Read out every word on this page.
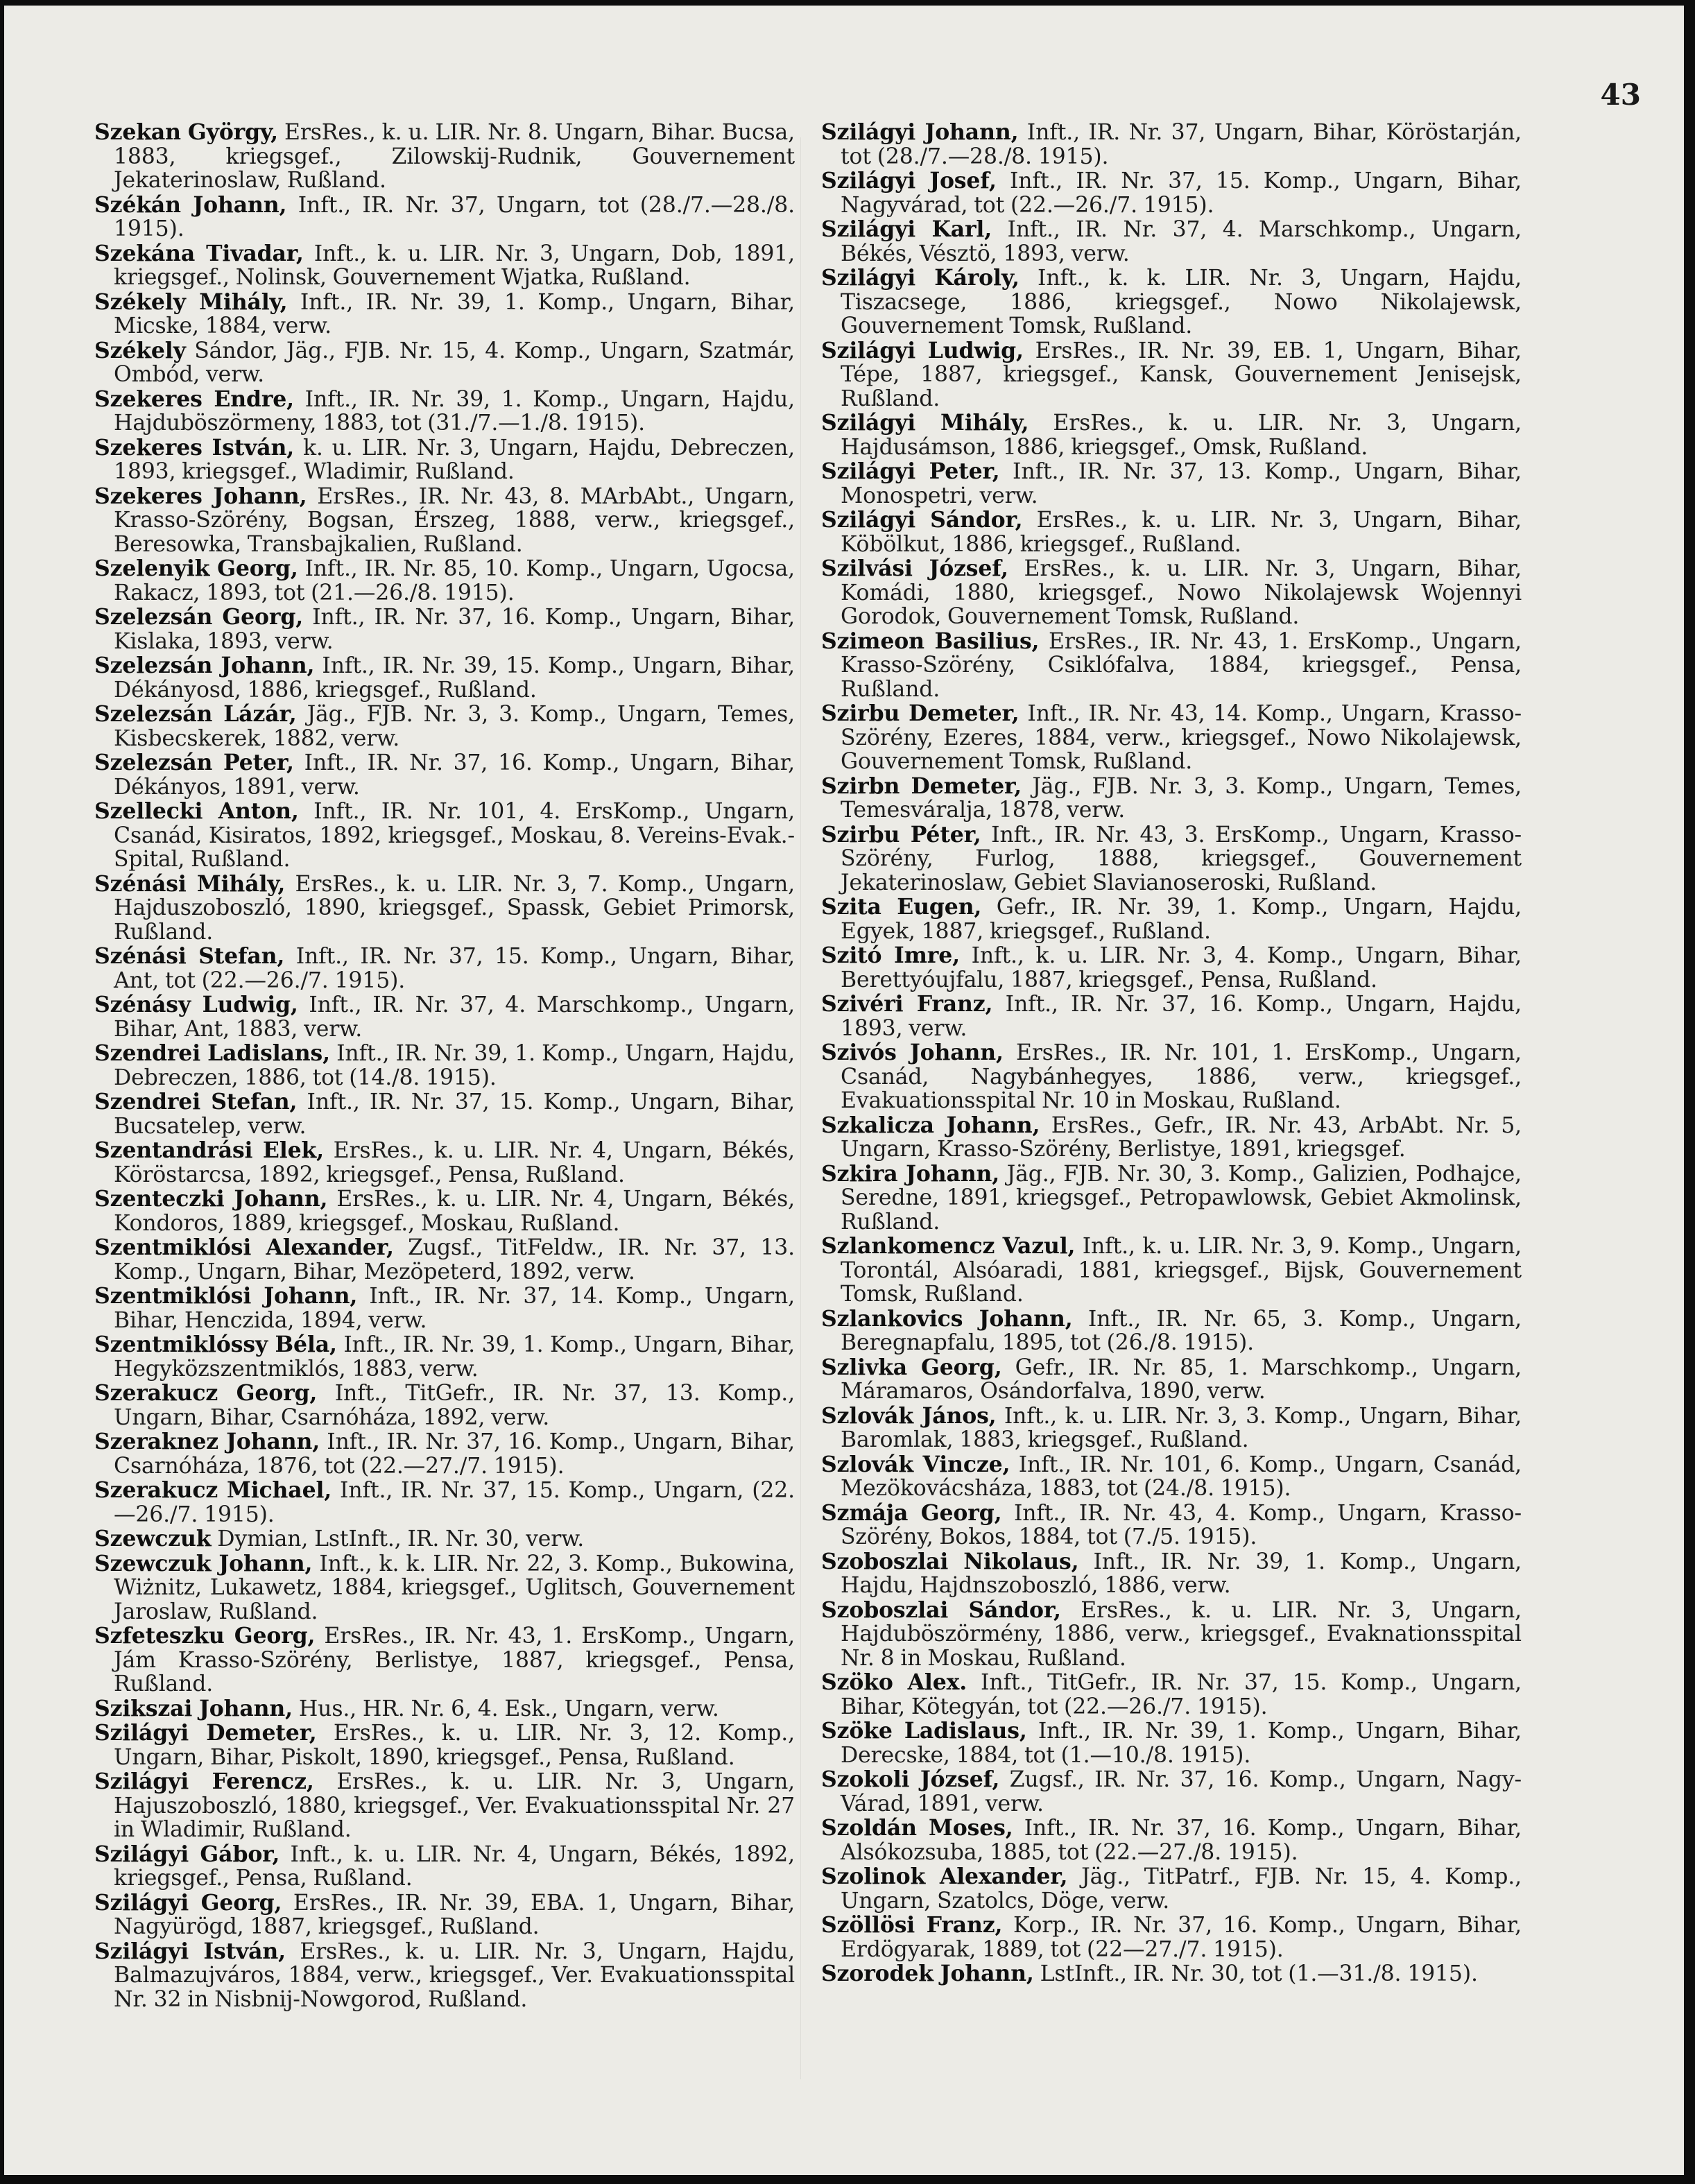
43

Szekan György, ErsRes., k. u. LIR. Nr. 8. Ungarn, Bihar. Bucsa, 1883, kriegsgef., Zilowskij-Rudnik, Gouvernement Jekaterinoslaw, Rußland.

Székán Johann, Inft., IR. Nr. 37, Ungarn, tot (28./7.—28./8. 1915).

Szekána Tivadar, Inft., k. u. LIR. Nr. 3, Ungarn, Dob, 1891, kriegsgef., Nolinsk, Gouvernement Wjatka, Rußland.

Székely Mihály, Inft., IR. Nr. 39, 1. Komp., Ungarn, Bihar, Micske, 1884, verw.

Székely Sándor, Jäg., FJB. Nr. 15, 4. Komp., Ungarn, Szatmár, Ombód, verw.

Szekeres Endre, Inft., IR. Nr. 39, 1. Komp., Ungarn, Hajdu, Hajduböszörmeny, 1883, tot (31./7.—1./8. 1915).

Szekeres István, k. u. LIR. Nr. 3, Ungarn, Hajdu, Debreczen, 1893, kriegsgef., Wladimir, Rußland.

Szekeres Johann, ErsRes., IR. Nr. 43, 8. MArbAbt., Ungarn, Krasso-Szörény, Bogsan, Érszeg, 1888, verw., kriegsgef., Beresowka, Transbajkalien, Rußland.

Szelenyik Georg, Inft., IR. Nr. 85, 10. Komp., Ungarn, Ugocsa, Rakacz, 1893, tot (21.—26./8. 1915).

Szelezsán Georg, Inft., IR. Nr. 37, 16. Komp., Ungarn, Bihar, Kislaka, 1893, verw.

Szelezsán Johann, Inft., IR. Nr. 39, 15. Komp., Ungarn, Bihar, Dékányosd, 1886, kriegsgef., Rußland.

Szelezsán Lázár, Jäg., FJB. Nr. 3, 3. Komp., Ungarn, Temes, Kisbecskerek, 1882, verw.

Szelezsán Peter, Inft., IR. Nr. 37, 16. Komp., Ungarn, Bihar, Dékányos, 1891, verw.

Szellecki Anton, Inft., IR. Nr. 101, 4. ErsKomp., Ungarn, Csanád, Kisiratos, 1892, kriegsgef., Moskau, 8. Vereins-Evak.-Spital, Rußland.

Szénási Mihály, ErsRes., k. u. LIR. Nr. 3, 7. Komp., Ungarn, Hajduszoboszló, 1890, kriegsgef., Spassk, Gebiet Primorsk, Rußland.

Szénási Stefan, Inft., IR. Nr. 37, 15. Komp., Ungarn, Bihar, Ant, tot (22.—26./7. 1915).

Szénásy Ludwig, Inft., IR. Nr. 37, 4. Marschkomp., Ungarn, Bihar, Ant, 1883, verw.

Szendrei Ladislans, Inft., IR. Nr. 39, 1. Komp., Ungarn, Hajdu, Debreczen, 1886, tot (14./8. 1915).

Szendrei Stefan, Inft., IR. Nr. 37, 15. Komp., Ungarn, Bihar, Bucsatelep, verw.

Szentandrási Elek, ErsRes., k. u. LIR. Nr. 4, Ungarn, Békés, Köröstarcsa, 1892, kriegsgef., Pensa, Rußland.

Szenteczki Johann, ErsRes., k. u. LIR. Nr. 4, Ungarn, Békés, Kondoros, 1889, kriegsgef., Moskau, Rußland.

Szentmiklósi Alexander, Zugsf., TitFeldw., IR. Nr. 37, 13. Komp., Ungarn, Bihar, Mezöpeterd, 1892, verw.

Szentmiklósi Johann, Inft., IR. Nr. 37, 14. Komp., Ungarn, Bihar, Henczida, 1894, verw.

Szentmiklóssy Béla, Inft., IR. Nr. 39, 1. Komp., Ungarn, Bihar, Hegyközszentmiklós, 1883, verw.

Szerakucz Georg, Inft., TitGefr., IR. Nr. 37, 13. Komp., Ungarn, Bihar, Csarnóháza, 1892, verw.

Szeraknez Johann, Inft., IR. Nr. 37, 16. Komp., Ungarn, Bihar, Csarnóháza, 1876, tot (22.—27./7. 1915).

Szerakucz Michael, Inft., IR. Nr. 37, 15. Komp., Ungarn, (22.—26./7. 1915).

Szewczuk Dymian, LstInft., IR. Nr. 30, verw.

Szewczuk Johann, Inft., k. k. LIR. Nr. 22, 3. Komp., Bukowina, Wiżnitz, Lukawetz, 1884, kriegsgef., Uglitsch, Gouvernement Jaroslaw, Rußland.

Szfeteszku Georg, ErsRes., IR. Nr. 43, 1. ErsKomp., Ungarn, Jám Krasso-Szörény, Berlistye, 1887, kriegsgef., Pensa, Rußland.

Szikszai Johann, Hus., HR. Nr. 6, 4. Esk., Ungarn, verw.

Szilágyi Demeter, ErsRes., k. u. LIR. Nr. 3, 12. Komp., Ungarn, Bihar, Piskolt, 1890, kriegsgef., Pensa, Rußland.

Szilágyi Ferencz, ErsRes., k. u. LIR. Nr. 3, Ungarn, Hajuszoboszló, 1880, kriegsgef., Ver. Evakuationsspital Nr. 27 in Wladimir, Rußland.

Szilágyi Gábor, Inft., k. u. LIR. Nr. 4, Ungarn, Békés, 1892, kriegsgef., Pensa, Rußland.

Szilágyi Georg, ErsRes., IR. Nr. 39, EBA. 1, Ungarn, Bihar, Nagyürögd, 1887, kriegsgef., Rußland.

Szilágyi István, ErsRes., k. u. LIR. Nr. 3, Ungarn, Hajdu, Balmazujváros, 1884, verw., kriegsgef., Ver. Evakuationsspital Nr. 32 in Nisbnij-Nowgorod, Rußland.

Szilágyi Johann, Inft., IR. Nr. 37, Ungarn, Bihar, Köröstarján, tot (28./7.—28./8. 1915).

Szilágyi Josef, Inft., IR. Nr. 37, 15. Komp., Ungarn, Bihar, Nagyvárad, tot (22.—26./7. 1915).

Szilágyi Karl, Inft., IR. Nr. 37, 4. Marschkomp., Ungarn, Békés, Vésztö, 1893, verw.

Szilágyi Károly, Inft., k. k. LIR. Nr. 3, Ungarn, Hajdu, Tiszacsege, 1886, kriegsgef., Nowo Nikolajewsk, Gouvernement Tomsk, Rußland.

Szilágyi Ludwig, ErsRes., IR. Nr. 39, EB. 1, Ungarn, Bihar, Tépe, 1887, kriegsgef., Kansk, Gouvernement Jenisejsk, Rußland.

Szilágyi Mihály, ErsRes., k. u. LIR. Nr. 3, Ungarn, Hajdusámson, 1886, kriegsgef., Omsk, Rußland.

Szilágyi Peter, Inft., IR. Nr. 37, 13. Komp., Ungarn, Bihar, Monospetri, verw.

Szilágyi Sándor, ErsRes., k. u. LIR. Nr. 3, Ungarn, Bihar, Köbölkut, 1886, kriegsgef., Rußland.

Szilvási József, ErsRes., k. u. LIR. Nr. 3, Ungarn, Bihar, Komádi, 1880, kriegsgef., Nowo Nikolajewsk Wojennyi Gorodok, Gouvernement Tomsk, Rußland.

Szimeon Basilius, ErsRes., IR. Nr. 43, 1. ErsKomp., Ungarn, Krasso-Szörény, Csiklófalva, 1884, kriegsgef., Pensa, Rußland.

Szirbu Demeter, Inft., IR. Nr. 43, 14. Komp., Ungarn, Krasso-Szörény, Ezeres, 1884, verw., kriegsgef., Nowo Nikolajewsk, Gouvernement Tomsk, Rußland.

Szirbn Demeter, Jäg., FJB. Nr. 3, 3. Komp., Ungarn, Temes, Temesváralja, 1878, verw.

Szirbu Péter, Inft., IR. Nr. 43, 3. ErsKomp., Ungarn, Krasso-Szörény, Furlog, 1888, kriegsgef., Gouvernement Jekaterinoslaw, Gebiet Slavianoseroski, Rußland.

Szita Eugen, Gefr., IR. Nr. 39, 1. Komp., Ungarn, Hajdu, Egyek, 1887, kriegsgef., Rußland.

Szitó Imre, Inft., k. u. LIR. Nr. 3, 4. Komp., Ungarn, Bihar, Berettyóujfalu, 1887, kriegsgef., Pensa, Rußland.

Szivéri Franz, Inft., IR. Nr. 37, 16. Komp., Ungarn, Hajdu, 1893, verw.

Szivós Johann, ErsRes., IR. Nr. 101, 1. ErsKomp., Ungarn, Csanád, Nagybánhegyes, 1886, verw., kriegsgef., Evakuationsspital Nr. 10 in Moskau, Rußland.

Szkalicza Johann, ErsRes., Gefr., IR. Nr. 43, ArbAbt. Nr. 5, Ungarn, Krasso-Szörény, Berlistye, 1891, kriegsgef.

Szkira Johann, Jäg., FJB. Nr. 30, 3. Komp., Galizien, Podhajce, Seredne, 1891, kriegsgef., Petropawlowsk, Gebiet Akmolinsk, Rußland.

Szlankomencz Vazul, Inft., k. u. LIR. Nr. 3, 9. Komp., Ungarn, Torontál, Alsóaradi, 1881, kriegsgef., Bijsk, Gouvernement Tomsk, Rußland.

Szlankovics Johann, Inft., IR. Nr. 65, 3. Komp., Ungarn, Beregnapfalu, 1895, tot (26./8. 1915).

Szlivka Georg, Gefr., IR. Nr. 85, 1. Marschkomp., Ungarn, Máramaros, Osándorfalva, 1890, verw.

Szlovák János, Inft., k. u. LIR. Nr. 3, 3. Komp., Ungarn, Bihar, Baromlak, 1883, kriegsgef., Rußland.

Szlovák Vincze, Inft., IR. Nr. 101, 6. Komp., Ungarn, Csanád, Mezökovácsháza, 1883, tot (24./8. 1915).

Szmája Georg, Inft., IR. Nr. 43, 4. Komp., Ungarn, Krasso-Szörény, Bokos, 1884, tot (7./5. 1915).

Szoboszlai Nikolaus, Inft., IR. Nr. 39, 1. Komp., Ungarn, Hajdu, Hajdnszoboszló, 1886, verw.

Szoboszlai Sándor, ErsRes., k. u. LIR. Nr. 3, Ungarn, Hajduböszörmény, 1886, verw., kriegsgef., Evaknationsspital Nr. 8 in Moskau, Rußland.

Szöko Alex. Inft., TitGefr., IR. Nr. 37, 15. Komp., Ungarn, Bihar, Kötegyán, tot (22.—26./7. 1915).

Szöke Ladislaus, Inft., IR. Nr. 39, 1. Komp., Ungarn, Bihar, Derecske, 1884, tot (1.—10./8. 1915).

Szokoli József, Zugsf., IR. Nr. 37, 16. Komp., Ungarn, Nagy-Várad, 1891, verw.

Szoldán Moses, Inft., IR. Nr. 37, 16. Komp., Ungarn, Bihar, Alsókozsuba, 1885, tot (22.—27./8. 1915).

Szolinok Alexander, Jäg., TitPatrf., FJB. Nr. 15, 4. Komp., Ungarn, Szatolcs, Döge, verw.

Szöllösi Franz, Korp., IR. Nr. 37, 16. Komp., Ungarn, Bihar, Erdögyarak, 1889, tot (22—27./7. 1915).

Szorodek Johann, LstInft., IR. Nr. 30, tot (1.—31./8. 1915).
